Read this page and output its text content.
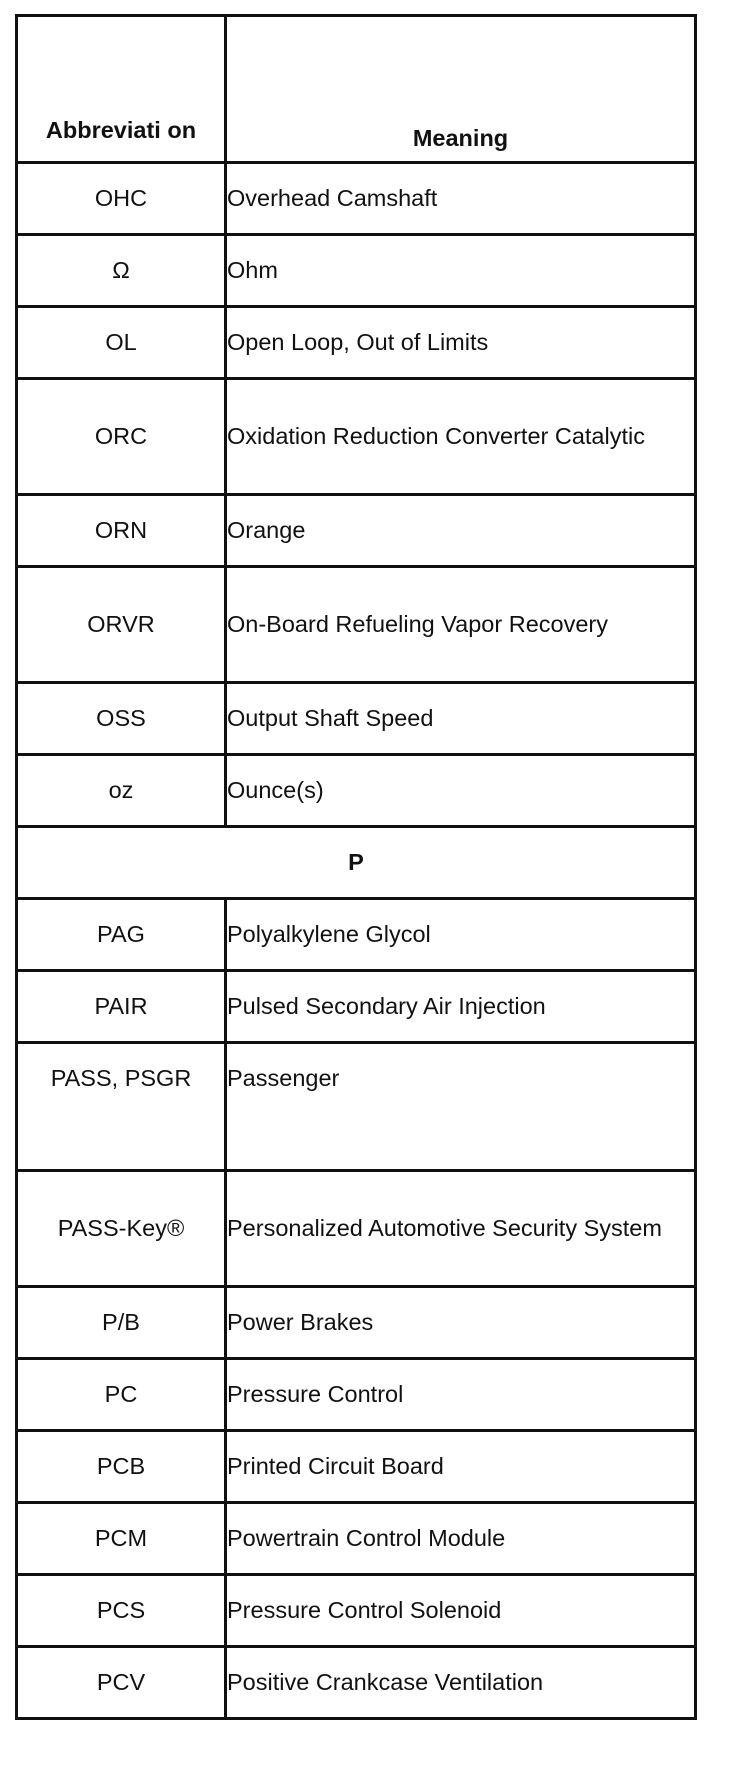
Abbreviati on	Meaning
OHC	Overhead Camshaft
Ω	Ohm
OL	Open Loop, Out of Limits
ORC	Oxidation Reduction Converter Catalytic
ORN	Orange
ORVR	On-Board Refueling Vapor Recovery
OSS	Output Shaft Speed
oz	Ounce(s)
P	
PAG	Polyalkylene Glycol
PAIR	Pulsed Secondary Air Injection
PASS, PSGR	Passenger
PASS-Key®	Personalized Automotive Security System
P/B	Power Brakes
PC	Pressure Control
PCB	Printed Circuit Board
PCM	Powertrain Control Module
PCS	Pressure Control Solenoid
PCV	Positive Crankcase Ventilation
